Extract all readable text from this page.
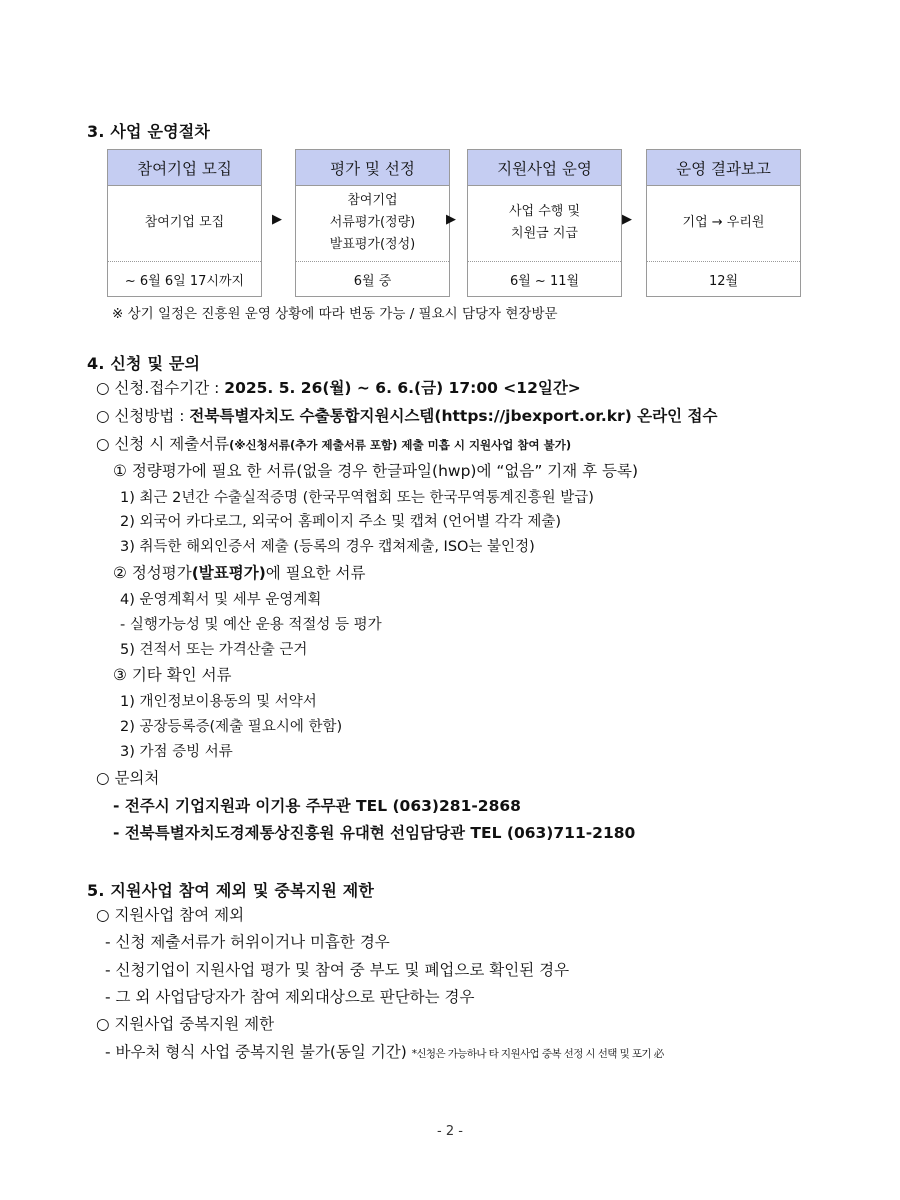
3. 사업 운영절차
참여기업 모집
참여기업 모집
~ 6월 6일 17시까지
▶
평가 및 선정
참여기업
서류평가(정량)
발표평가(정성)
6월 중
▶
지원사업 운영
사업 수행 및
치원금 지급
6월 ~ 11월
▶
운영 결과보고
기업 → 우리원
12월
※ 상기 일정은 진흥원 운영 상황에 따라 변동 가능 / 필요시 담당자 현장방문
4. 신청 및 문의
○ 신청.접수기간 : 2025. 5. 26(월) ~ 6. 6.(금) 17:00 <12일간>
○ 신청방법 : 전북특별자치도 수출통합지원시스템(https://jbexport.or.kr) 온라인 접수
○ 신청 시 제출서류(※신청서류(추가 제출서류 포함) 제출 미흡 시 지원사업 참여 불가)
① 정량평가에 필요 한 서류(없을 경우 한글파일(hwp)에 “없음” 기재 후 등록)
1) 최근 2년간 수출실적증명 (한국무역협회 또는 한국무역통계진흥원 발급)
2) 외국어 카다로그, 외국어 홈페이지 주소 및 캡쳐 (언어별 각각 제출)
3) 취득한 해외인증서 제출 (등록의 경우 캡쳐제출, ISO는 불인정)
② 정성평가(발표평가)에 필요한 서류
4) 운영계획서 및 세부 운영계획
- 실행가능성 및 예산 운용 적절성 등 평가
5) 견적서 또는 가격산출 근거
③ 기타 확인 서류
1) 개인정보이용동의 및 서약서
2) 공장등록증(제출 필요시에 한함)
3) 가점 증빙 서류
○ 문의처
- 전주시 기업지원과 이기용 주무관 TEL (063)281-2868
- 전북특별자치도경제통상진흥원 유대현 선임담당관 TEL (063)711-2180
5. 지원사업 참여 제외 및 중복지원 제한
○ 지원사업 참여 제외
- 신청 제출서류가 허위이거나 미흡한 경우
- 신청기업이 지원사업 평가 및 참여 중 부도 및 폐업으로 확인된 경우
- 그 외 사업담당자가 참여 제외대상으로 판단하는 경우
○ 지원사업 중복지원 제한
- 바우처 형식 사업 중복지원 불가(동일 기간) *신청은 가능하나 타 지원사업 중복 선정 시 선택 및 포기 必
- 2 -
